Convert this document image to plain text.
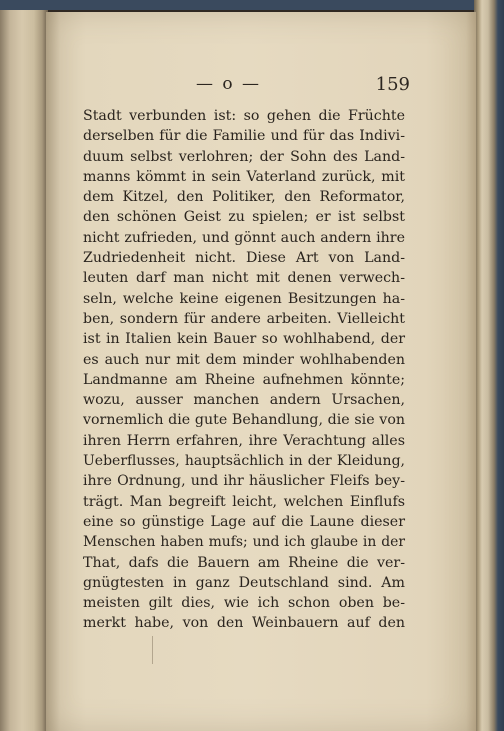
— o —	159
Stadt verbunden ist: so gehen die Früchte
derselben für die Familie und für das Indivi-
duum selbst verlohren; der Sohn des Land-
manns kömmt in sein Vaterland zurück, mit
dem Kitzel, den Politiker, den Reformator,
den schönen Geist zu spielen; er ist selbst
nicht zufrieden, und gönnt auch andern ihre
Zudriedenheit nicht. Diese Art von Land-
leuten darf man nicht mit denen verwech-
seln, welche keine eigenen Besitzungen ha-
ben, sondern für andere arbeiten. Vielleicht
ist in Italien kein Bauer so wohlhabend, der
es auch nur mit dem minder wohlhabenden
Landmanne am Rheine aufnehmen könnte;
wozu, ausser manchen andern Ursachen,
vornemlich die gute Behandlung, die sie von
ihren Herrn erfahren, ihre Verachtung alles
Ueberflusses, hauptsächlich in der Kleidung,
ihre Ordnung, und ihr häuslicher Fleifs bey-
trägt. Man begreift leicht, welchen Einflufs
eine so günstige Lage auf die Laune dieser
Menschen haben mufs; und ich glaube in der
That, dafs die Bauern am Rheine die ver-
gnügtesten in ganz Deutschland sind. Am
meisten gilt dies, wie ich schon oben be-
merkt habe, von den Weinbauern auf den
